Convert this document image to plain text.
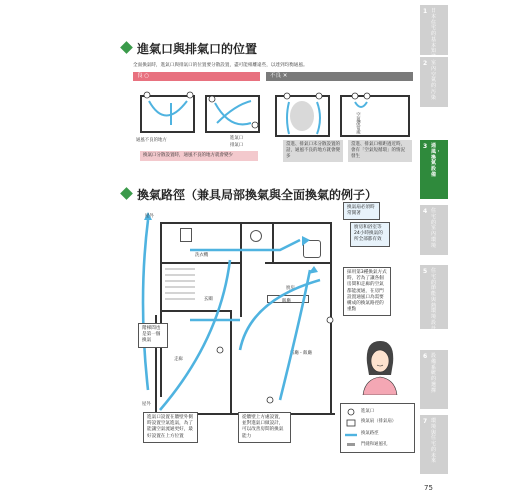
進氣口與排氣口的位置
全面換氣時，進氣口與排氣口的位置要分散設置，盡可能相離遠些，以達到均衡通風。
良 ○	不良 ✕
通風不良的地方	進氣口
排氣口
換氣口分散設置時，通風不良的地方就會變少
空氣滯留處
當進、排氣口未分散設置的話，通風不良的地方就會變多
當進、排氣口相距過近時，會有「空氣短循環」的情況發生
換氣路徑（兼具局部換氣與全面換氣的例子）
洗衣機
玄關
廚房
飯廳
客廳・飯廳
走廊
屋外
屋外
換氣扇必須時常開著
廚房和浴室等24小時換氣的所全部都有效
階梯間也是第一個換氣
採用第3種換氣方式時，若為了讓各個房間和走廊的空氣都能流通，在房門設置通風口為需要構成的換氣路徑的重點
進氣口設置在牆壁外側時設置空氣進氣，為了能讓空氣流通更好，最好設置在上方位置
從牆壁上方處設置，並對進氣口做設計，可以改善房間的換氣能力
進氣口
換氣扇（排氣扇）
換氣路徑
門縫和通風孔
1 日本住宅的基本知
2 室內空氣的污染
3 通風・換氣設備
4 住宅的室內環境
5 住宅的節能與熱環境設計
6 設備系統的選擇
7 環境與住宅的未來
75
